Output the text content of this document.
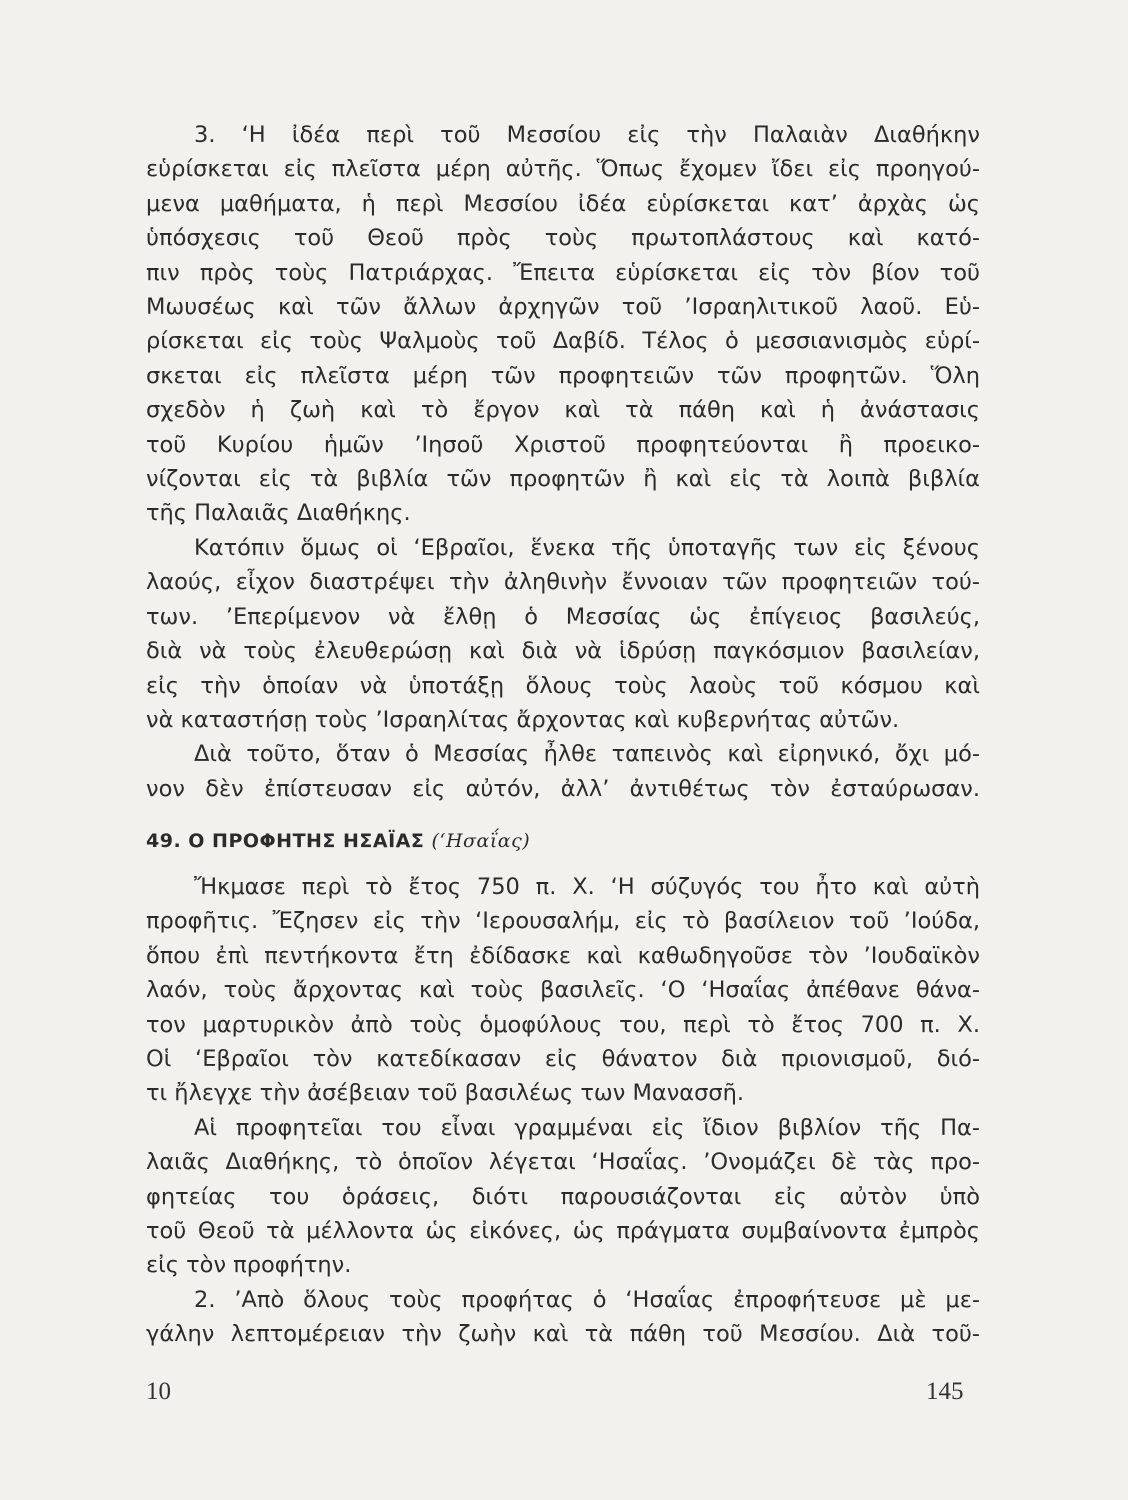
3. ‘Η ἰδέα περὶ τοῦ Μεσσίου εἰς τὴν Παλαιὰν Διαθήκην
εὑρίσκεται εἰς πλεῖστα μέρη αὐτῆς. Ὅπως ἔχομεν ἴδει εἰς προηγού-
μενα μαθήματα, ἡ περὶ Μεσσίου ἰδέα εὑρίσκεται κατ’ ἀρχὰς ὡς
ὑπόσχεσις τοῦ Θεοῦ πρὸς τοὺς πρωτοπλάστους καὶ κατό-
πιν πρὸς τοὺς Πατριάρχας. Ἔπειτα εὑρίσκεται εἰς τὸν βίον τοῦ
Μωυσέως καὶ τῶν ἄλλων ἀρχηγῶν τοῦ ’Ισραηλιτικοῦ λαοῦ. Εὑ-
ρίσκεται εἰς τοὺς Ψαλμοὺς τοῦ Δαβίδ. Τέλος ὁ μεσσιανισμὸς εὑρί-
σκεται εἰς πλεῖστα μέρη τῶν προφητειῶν τῶν προφητῶν. Ὅλη
σχεδὸν ἡ ζωὴ καὶ τὸ ἔργον καὶ τὰ πάθη καὶ ἡ ἀνάστασις
τοῦ Κυρίου ἡμῶν ’Ιησοῦ Χριστοῦ προφητεύονται ἢ προεικο-
νίζονται εἰς τὰ βιβλία τῶν προφητῶν ἢ καὶ εἰς τὰ λοιπὰ βιβλία
τῆς Παλαιᾶς Διαθήκης.

Κατόπιν ὅμως οἱ ‘Εβραῖοι, ἕνεκα τῆς ὑποταγῆς των εἰς ξένους
λαούς, εἶχον διαστρέψει τὴν ἀληθινὴν ἔννοιαν τῶν προφητειῶν τού-
των. ’Επερίμενον νὰ ἔλθῃ ὁ Μεσσίας ὡς ἐπίγειος βασιλεύς,
διὰ νὰ τοὺς ἐλευθερώσῃ καὶ διὰ νὰ ἱδρύσῃ παγκόσμιον βασιλείαν,
εἰς τὴν ὁποίαν νὰ ὑποτάξῃ ὅλους τοὺς λαοὺς τοῦ κόσμου καὶ
νὰ καταστήσῃ τοὺς ’Ισραηλίτας ἄρχοντας καὶ κυβερνήτας αὐτῶν.

Διὰ τοῦτο, ὅταν ὁ Μεσσίας ἦλθε ταπεινὸς καὶ εἰρηνικό, ὄχι μό-
νον δὲν ἐπίστευσαν εἰς αὐτόν, ἀλλ’ ἀντιθέτως τὸν ἐσταύρωσαν.

49. Ο ΠΡΟΦΗΤΗΣ ΗΣΑΪΑΣ (‘Ησαΐας)

Ἤκμασε περὶ τὸ ἔτος 750 π. Χ. ‘Η σύζυγός του ἦτο καὶ αὐτὴ
προφῆτις. Ἔζησεν εἰς τὴν ‘Ιερουσαλήμ, εἰς τὸ βασίλειον τοῦ ’Ιούδα,
ὅπου ἐπὶ πεντήκοντα ἔτη ἐδίδασκε καὶ καθωδηγοῦσε τὸν ’Ιουδαϊκὸν
λαόν, τοὺς ἄρχοντας καὶ τοὺς βασιλεῖς. ‘Ο ‘Ησαΐας ἀπέθανε θάνα-
τον μαρτυρικὸν ἀπὸ τοὺς ὁμοφύλους του, περὶ τὸ ἔτος 700 π. Χ.
Οἱ ‘Εβραῖοι τὸν κατεδίκασαν εἰς θάνατον διὰ πριονισμοῦ, διό-
τι ἤλεγχε τὴν ἀσέβειαν τοῦ βασιλέως των Μανασσῆ.

Αἱ προφητεῖαι του εἶναι γραμμέναι εἰς ἴδιον βιβλίον τῆς Πα-
λαιᾶς Διαθήκης, τὸ ὁποῖον λέγεται ‘Ησαΐας. ’Ονομάζει δὲ τὰς προ-
φητείας του ὁράσεις, διότι παρουσιάζονται εἰς αὐτὸν ὑπὸ
τοῦ Θεοῦ τὰ μέλλοντα ὡς εἰκόνες, ὡς πράγματα συμβαίνοντα ἐμπρὸς
εἰς τὸν προφήτην.

2. ’Απὸ ὅλους τοὺς προφήτας ὁ ‘Ησαΐας ἐπροφήτευσε μὲ με-
γάλην λεπτομέρειαν τὴν ζωὴν καὶ τὰ πάθη τοῦ Μεσσίου. Διὰ τοῦ-

10	145
